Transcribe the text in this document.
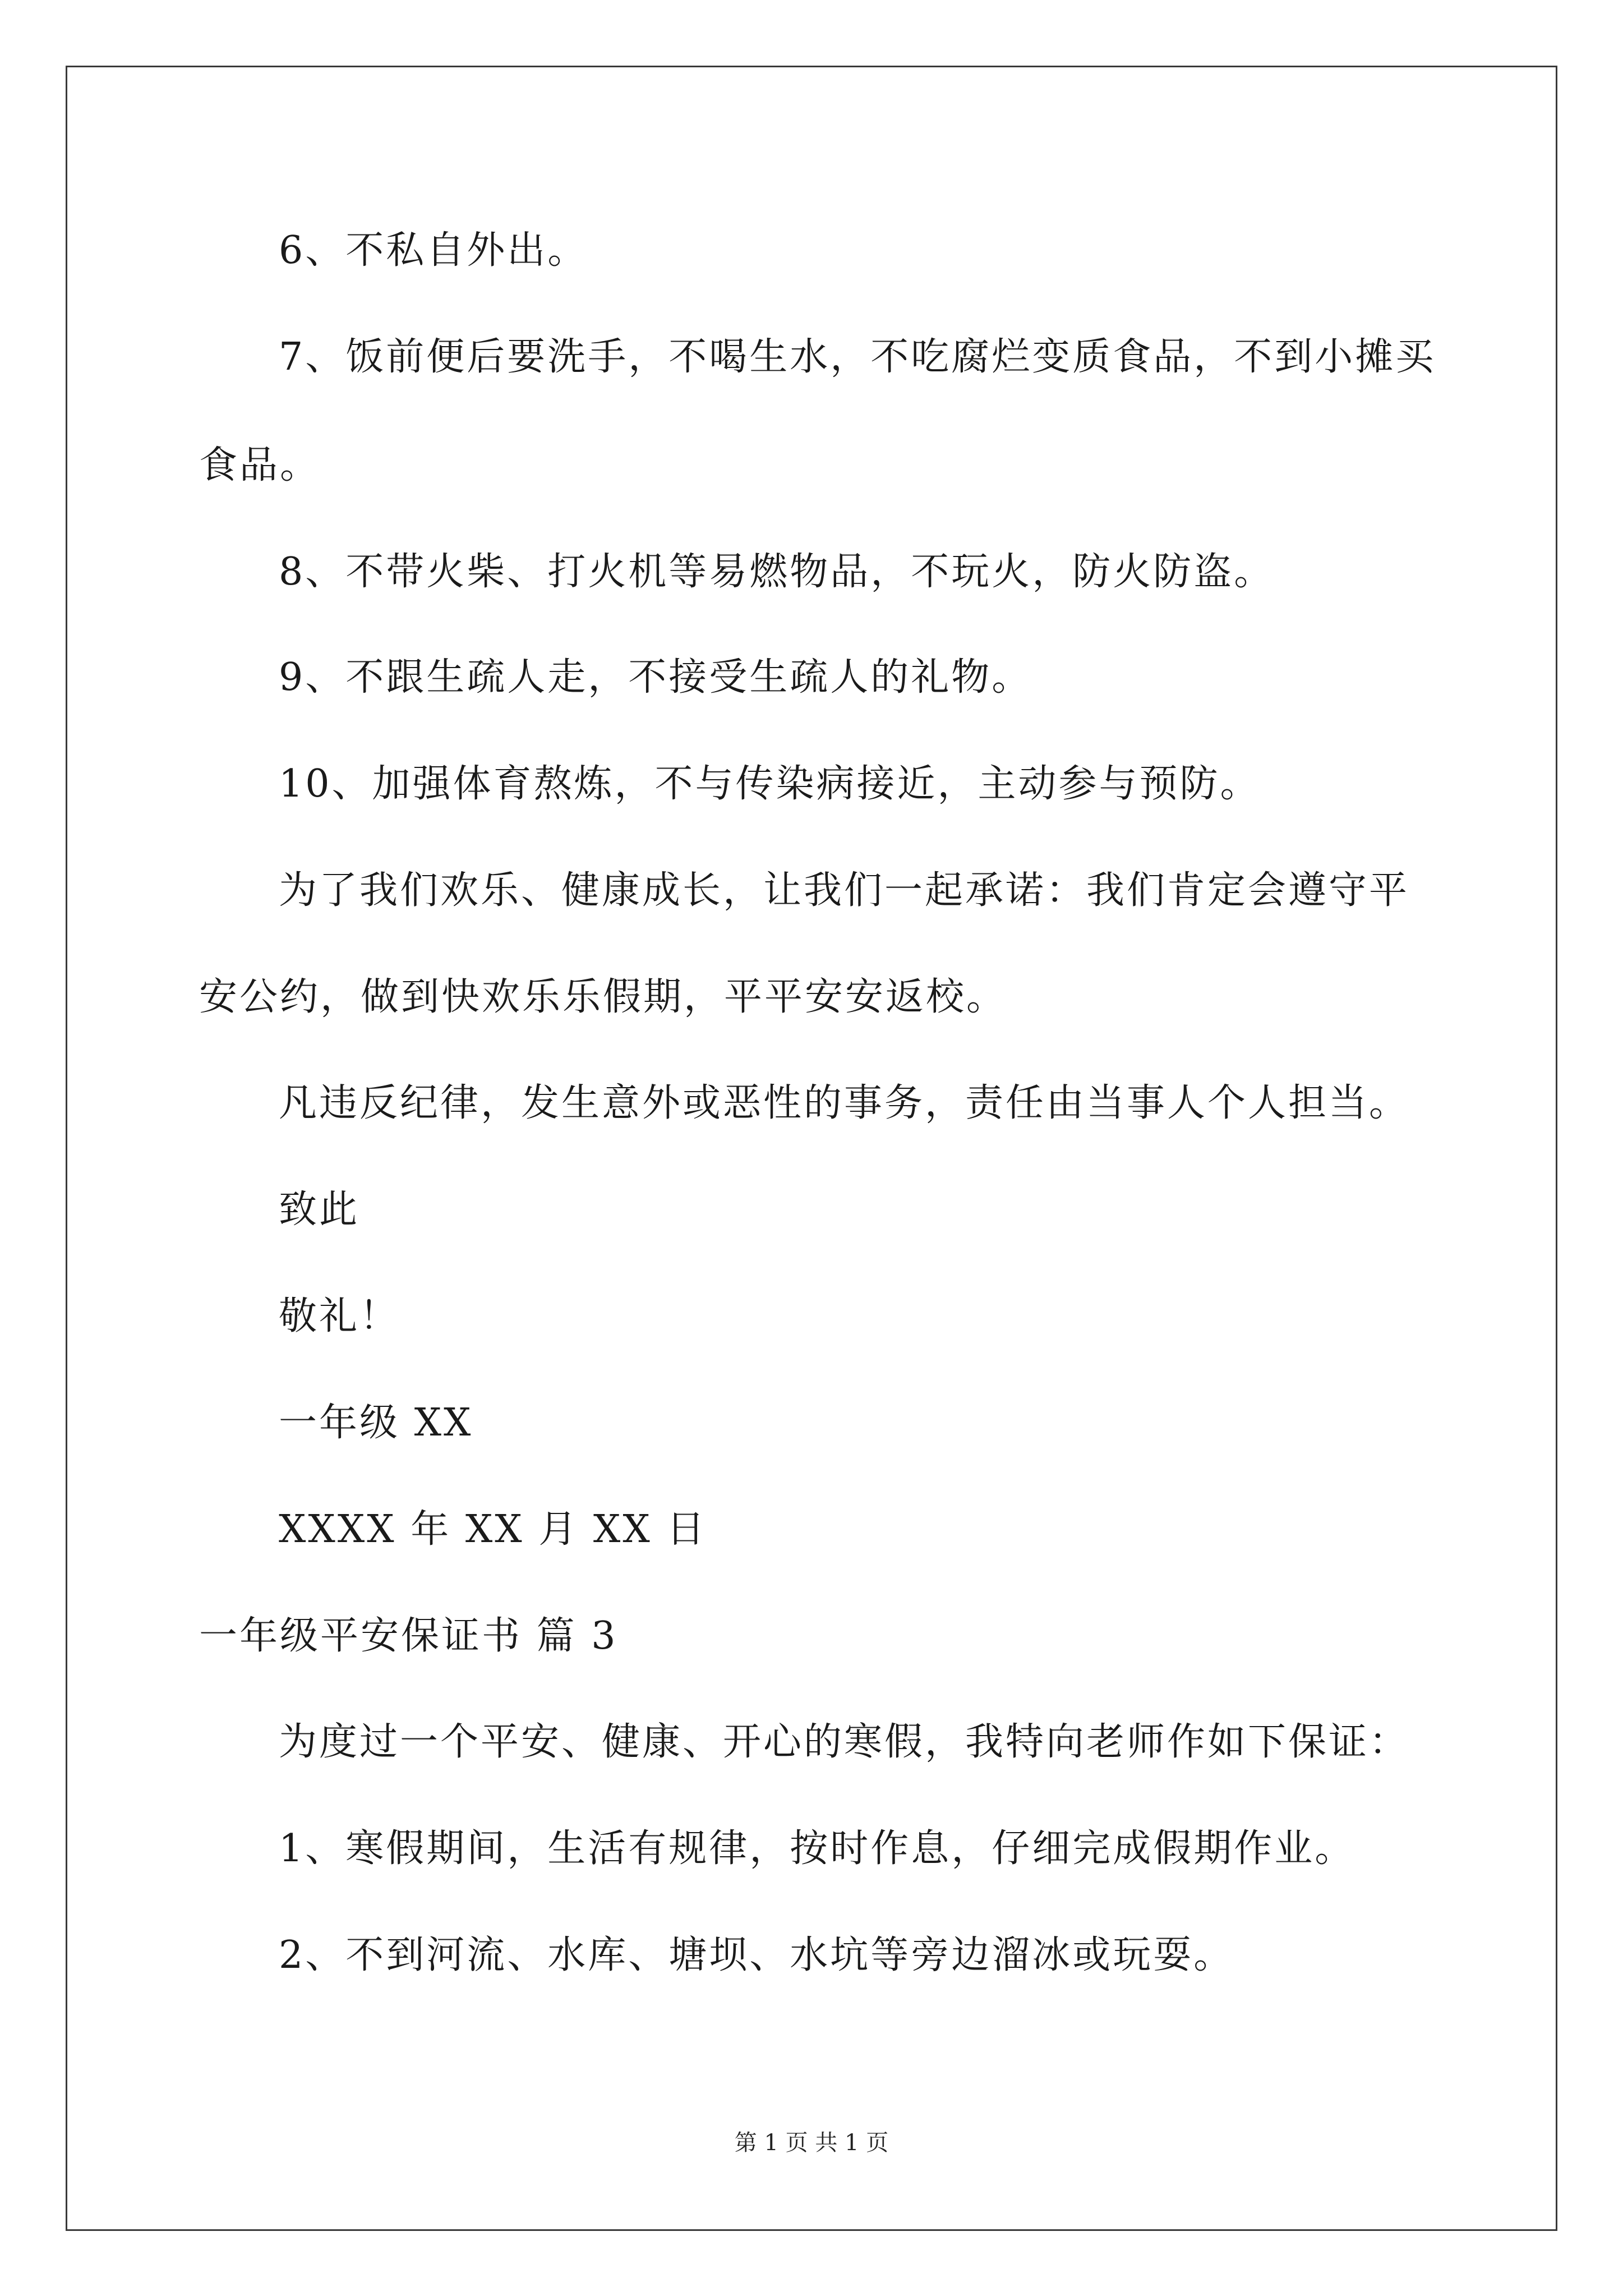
6、不私自外出。
7、饭前便后要洗手，不喝生水，不吃腐烂变质食品，不到小摊买
食品。
8、不带火柴、打火机等易燃物品，不玩火，防火防盗。
9、不跟生疏人走，不接受生疏人的礼物。
10、加强体育熬炼，不与传染病接近，主动参与预防。
为了我们欢乐、健康成长，让我们一起承诺：我们肯定会遵守平
安公约，做到快欢乐乐假期，平平安安返校。
凡违反纪律，发生意外或恶性的事务，责任由当事人个人担当。
致此
敬礼！
一年级 XX
XXXX 年 XX 月 XX 日
一年级平安保证书 篇 3
为度过一个平安、健康、开心的寒假，我特向老师作如下保证：
1、寒假期间，生活有规律，按时作息，仔细完成假期作业。
2、不到河流、水库、塘坝、水坑等旁边溜冰或玩耍。
第 1 页 共 1 页
